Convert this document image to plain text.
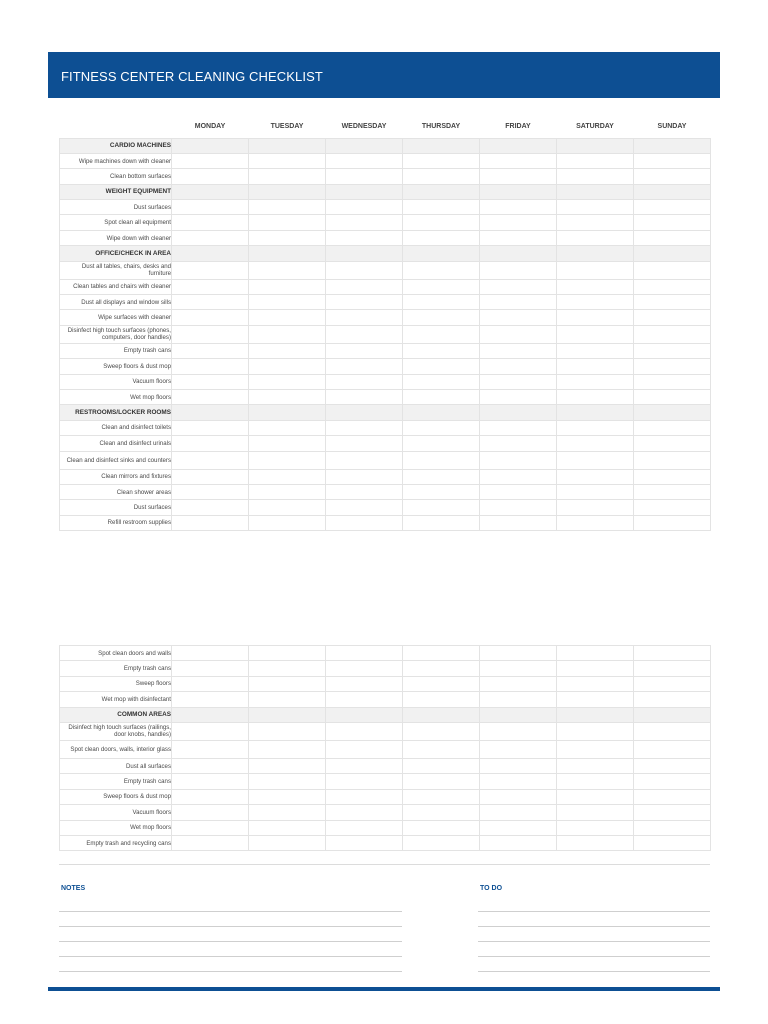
FITNESS CENTER CLEANING CHECKLIST
	MONDAY	TUESDAY	WEDNESDAY	THURSDAY	FRIDAY	SATURDAY	SUNDAY
CARDIO MACHINES							
Wipe machines down with cleaner							
Clean bottom surfaces							
WEIGHT EQUIPMENT							
Dust surfaces							
Spot clean all equipment							
Wipe down with cleaner							
OFFICE/CHECK IN AREA							
Dust all tables, chairs, desks and furniture							
Clean tables and chairs with cleaner							
Dust all displays and window sills							
Wipe surfaces with cleaner							
Disinfect high touch surfaces (phones, computers, door handles)							
Empty trash cans							
Sweep floors & dust mop							
Vacuum floors							
Wet mop floors							
RESTROOMS/LOCKER ROOMS							
Clean and disinfect toilets							
Clean and disinfect urinals							
Clean and disinfect sinks and counters							
Clean mirrors and fixtures							
Clean shower areas							
Dust surfaces							
Refill restroom supplies							
Spot clean doors and walls							
Empty trash cans							
Sweep floors							
Wet mop with disinfectant							
COMMON AREAS							
Disinfect high touch surfaces (railings, door knobs, handles)							
Spot clean doors, walls, interior glass							
Dust all surfaces							
Empty trash cans							
Sweep floors & dust mop							
Vacuum floors							
Wet mop floors							
Empty trash and recycling cans							
NOTES	TO DO
